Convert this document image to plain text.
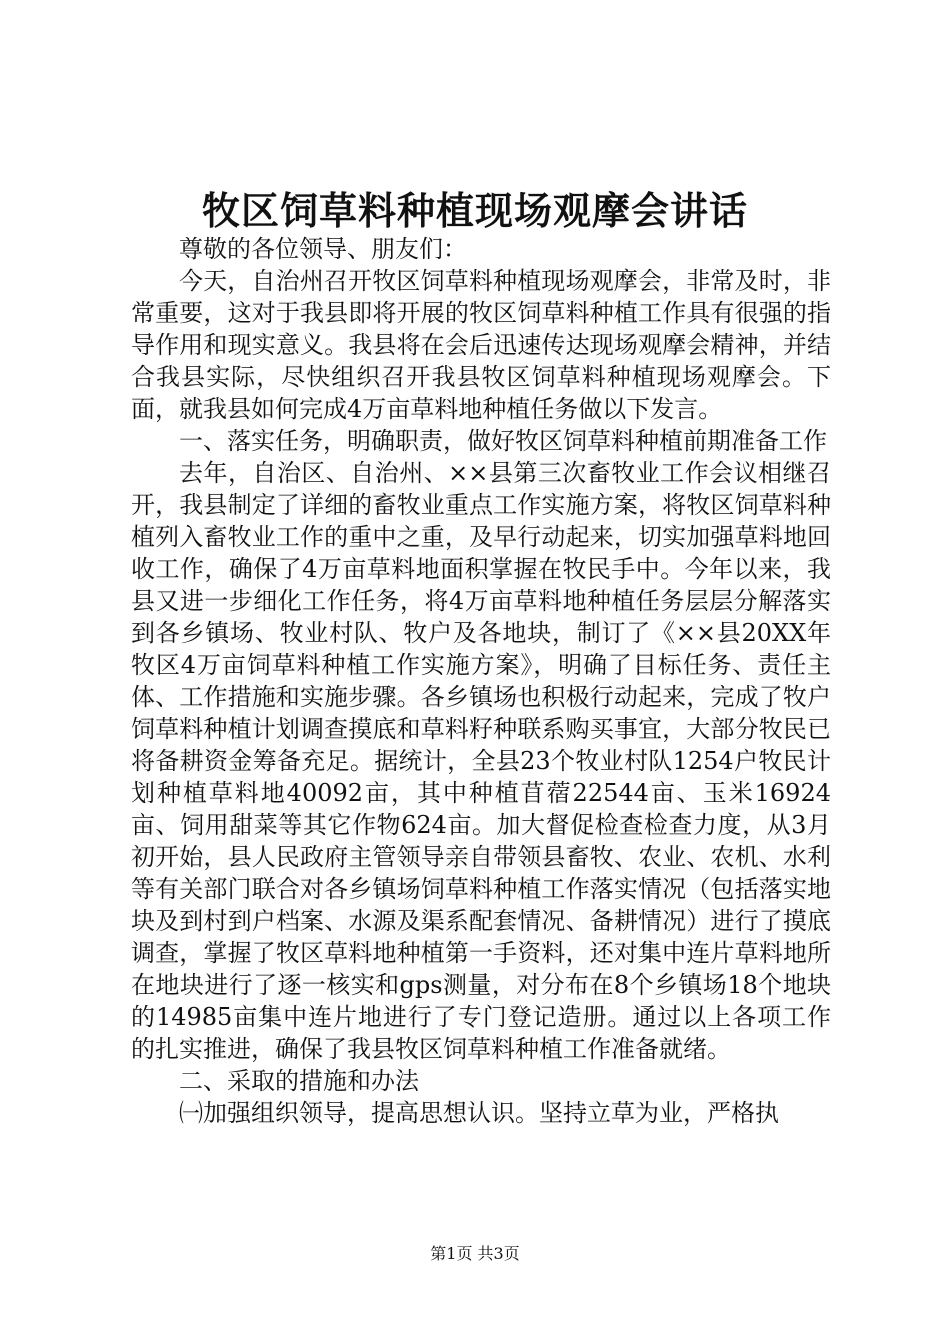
牧区饲草料种植现场观摩会讲话

尊敬的各位领导、朋友们：

今天，自治州召开牧区饲草料种植现场观摩会，非常及时，非常重要，这对于我县即将开展的牧区饲草料种植工作具有很强的指导作用和现实意义。我县将在会后迅速传达现场观摩会精神，并结合我县实际，尽快组织召开我县牧区饲草料种植现场观摩会。下面，就我县如何完成4万亩草料地种植任务做以下发言。

一、落实任务，明确职责，做好牧区饲草料种植前期准备工作

去年，自治区、自治州、××县第三次畜牧业工作会议相继召开，我县制定了详细的畜牧业重点工作实施方案，将牧区饲草料种植列入畜牧业工作的重中之重，及早行动起来，切实加强草料地回收工作，确保了4万亩草料地面积掌握在牧民手中。今年以来，我县又进一步细化工作任务，将4万亩草料地种植任务层层分解落实到各乡镇场、牧业村队、牧户及各地块，制订了《××县20XX年牧区4万亩饲草料种植工作实施方案》，明确了目标任务、责任主体、工作措施和实施步骤。各乡镇场也积极行动起来，完成了牧户饲草料种植计划调查摸底和草料籽种联系购买事宜，大部分牧民已将备耕资金筹备充足。据统计，全县23个牧业村队1254户牧民计划种植草料地40092亩，其中种植苜蓿22544亩、玉米16924亩、饲用甜菜等其它作物624亩。加大督促检查检查力度，从3月初开始，县人民政府主管领导亲自带领县畜牧、农业、农机、水利等有关部门联合对各乡镇场饲草料种植工作落实情况（包括落实地块及到村到户档案、水源及渠系配套情况、备耕情况）进行了摸底调查，掌握了牧区草料地种植第一手资料，还对集中连片草料地所在地块进行了逐一核实和gps测量，对分布在8个乡镇场18个地块的14985亩集中连片地进行了专门登记造册。通过以上各项工作的扎实推进，确保了我县牧区饲草料种植工作准备就绪。

二、采取的措施和办法

㈠加强组织领导，提高思想认识。坚持立草为业，严格执

第1页 共3页
